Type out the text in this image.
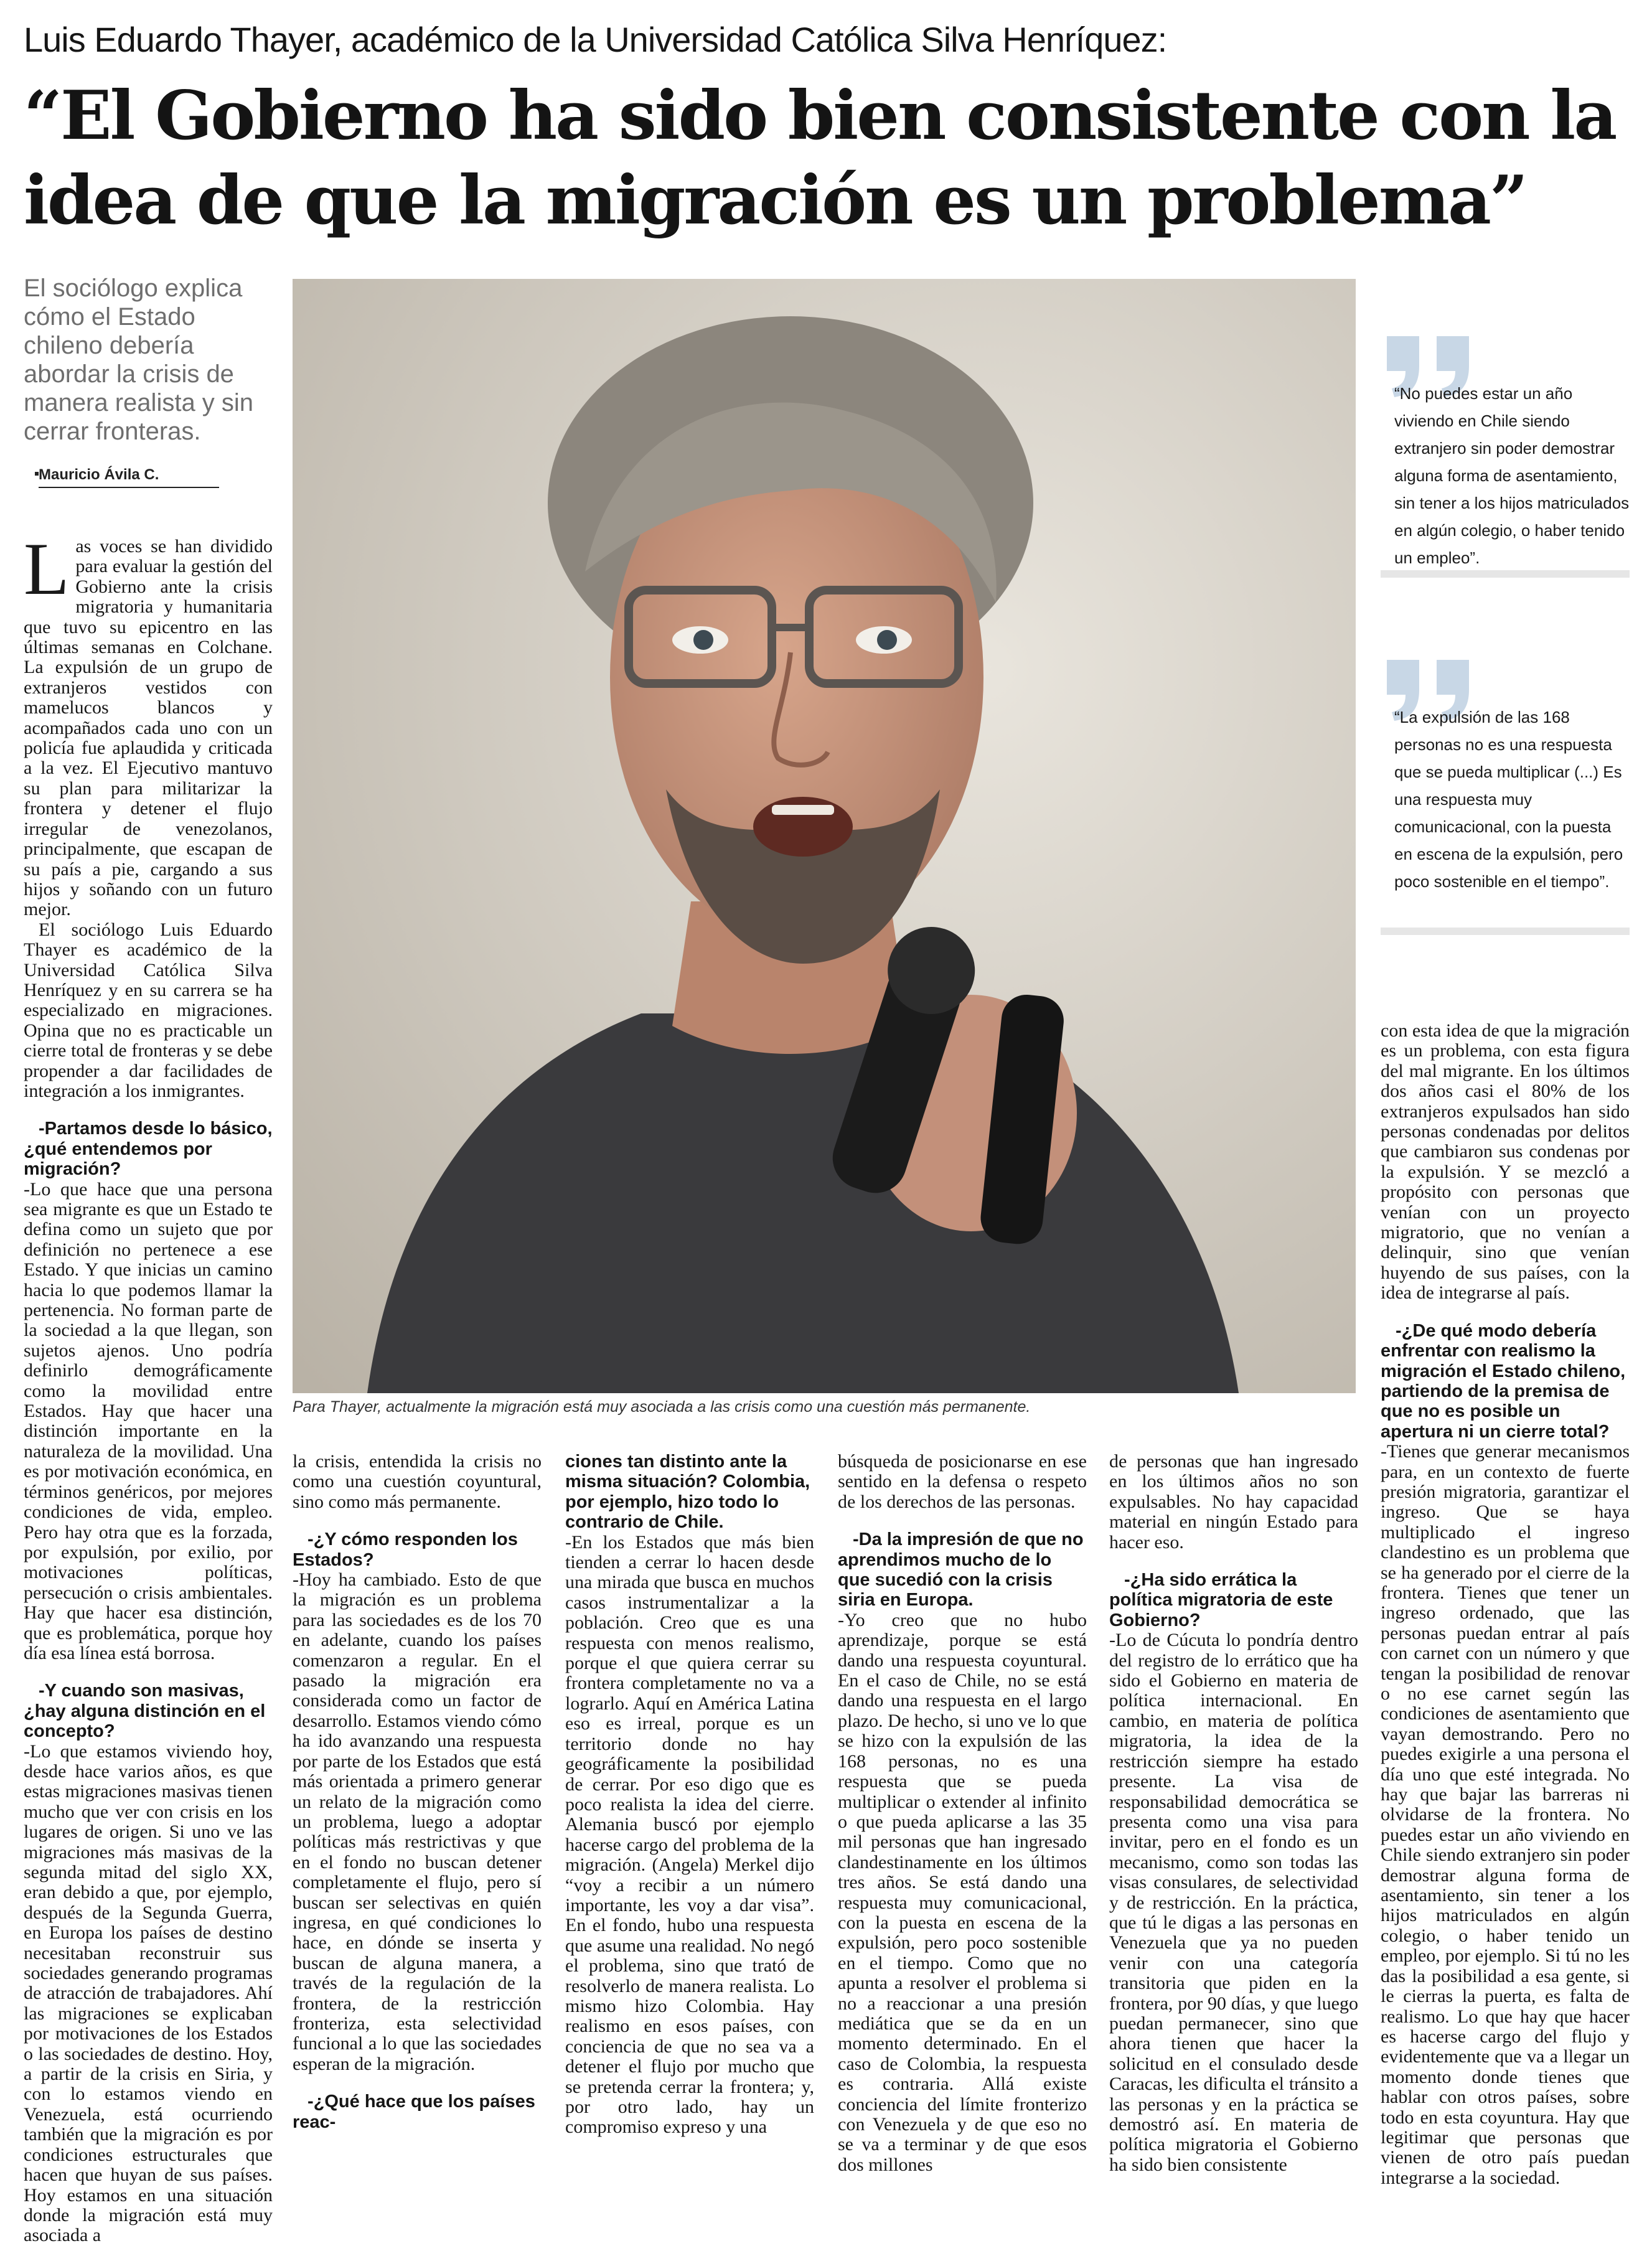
Luis Eduardo Thayer, académico de la Universidad Católica Silva Henríquez:
“El Gobierno ha sido bien consistente con la
idea de que la migración es un problema”
El sociólogo explica cómo el Estado chileno debería abordar la crisis de manera realista y sin cerrar fronteras.
Mauricio Ávila C.
Para Thayer, actualmente la migración está muy asociada a las crisis como una cuestión más permanente.
“No puedes estar un año viviendo en Chile siendo extranjero sin poder demostrar alguna forma de asentamiento, sin tener a los hijos matriculados en algún colegio, o haber tenido un empleo”.
“La expulsión de las 168 personas no es una respuesta que se pueda multiplicar (...) Es una respuesta muy comunicacional, con la puesta en escena de la expulsión, pero poco sostenible en el tiempo”.

Las voces se han dividido para evaluar la gestión del Gobierno ante la crisis migratoria y humanitaria que tuvo su epicentro en las últimas semanas en Colchane. La expulsión de un grupo de extranjeros vestidos con mamelucos blancos y acompañados cada uno con un policía fue aplaudida y criticada a la vez. El Ejecutivo mantuvo su plan para militarizar la frontera y detener el flujo irregular de venezolanos, principalmente, que escapan de su país a pie, cargando a sus hijos y soñando con un futuro mejor.

El sociólogo Luis Eduardo Thayer es académico de la Universidad Católica Silva Henríquez y en su carrera se ha especializado en migraciones. Opina que no es practicable un cierre total de fronteras y se debe propender a dar facilidades de integración a los inmigrantes.

-Partamos desde lo básico, ¿qué entendemos por migración?

-Lo que hace que una persona sea migrante es que un Estado te defina como un sujeto que por definición no pertenece a ese Estado. Y que inicias un camino hacia lo que podemos llamar la pertenencia. No forman parte de la sociedad a la que llegan, son sujetos ajenos. Uno podría definirlo demográficamente como la movilidad entre Estados. Hay que hacer una distinción importante en la naturaleza de la movilidad. Una es por motivación económica, en términos genéricos, por mejores condiciones de vida, empleo. Pero hay otra que es la forzada, por expulsión, por exilio, por motivaciones políticas, persecución o crisis ambientales. Hay que hacer esa distinción, que es problemática, porque hoy día esa línea está borrosa.

-Y cuando son masivas, ¿hay alguna distinción en el concepto?

-Lo que estamos viviendo hoy, desde hace varios años, es que estas migraciones masivas tienen mucho que ver con crisis en los lugares de origen. Si uno ve las migraciones más masivas de la segunda mitad del siglo XX, eran debido a que, por ejemplo, después de la Segunda Guerra, en Europa los países de destino necesitaban reconstruir sus sociedades generando programas de atracción de trabajadores. Ahí las migraciones se explicaban por motivaciones de los Estados o las sociedades de destino. Hoy, a partir de la crisis en Siria, y con lo estamos viendo en Venezuela, está ocurriendo también que la migración es por condiciones estructurales que hacen que huyan de sus países. Hoy estamos en una situación donde la migración está muy asociada a

la crisis, entendida la crisis no como una cuestión coyuntural, sino como más permanente.

-¿Y cómo responden los Estados?

-Hoy ha cambiado. Esto de que la migración es un problema para las sociedades es de los 70 en adelante, cuando los países comenzaron a regular. En el pasado la migración era considerada como un factor de desarrollo. Estamos viendo cómo ha ido avanzando una respuesta por parte de los Estados que está más orientada a primero generar un relato de la migración como un problema, luego a adoptar políticas más restrictivas y que en el fondo no buscan detener completamente el flujo, pero sí buscan ser selectivas en quién ingresa, en qué condiciones lo hace, en dónde se inserta y buscan de alguna manera, a través de la regulación de la frontera, de la restricción fronteriza, esta selectividad funcional a lo que las sociedades esperan de la migración.

-¿Qué hace que los países reac-

ciones tan distinto ante la misma situación? Colombia, por ejemplo, hizo todo lo contrario de Chile.

-En los Estados que más bien tienden a cerrar lo hacen desde una mirada que busca en muchos casos instrumentalizar a la población. Creo que es una respuesta con menos realismo, porque el que quiera cerrar su frontera completamente no va a lograrlo. Aquí en América Latina eso es irreal, porque es un territorio donde no hay geográficamente la posibilidad de cerrar. Por eso digo que es poco realista la idea del cierre. Alemania buscó por ejemplo hacerse cargo del problema de la migración. (Angela) Merkel dijo “voy a recibir a un número importante, les voy a dar visa”. En el fondo, hubo una respuesta que asume una realidad. No negó el problema, sino que trató de resolverlo de manera realista. Lo mismo hizo Colombia. Hay realismo en esos países, con conciencia de que no sea va a detener el flujo por mucho que se pretenda cerrar la frontera; y, por otro lado, hay un compromiso expreso y una

búsqueda de posicionarse en ese sentido en la defensa o respeto de los derechos de las personas.

-Da la impresión de que no aprendimos mucho de lo que sucedió con la crisis siria en Europa.

-Yo creo que no hubo aprendizaje, porque se está dando una respuesta coyuntural. En el caso de Chile, no se está dando una respuesta en el largo plazo. De hecho, si uno ve lo que se hizo con la expulsión de las 168 personas, no es una respuesta que se pueda multiplicar o extender al infinito o que pueda aplicarse a las 35 mil personas que han ingresado clandestinamente en los últimos tres años. Se está dando una respuesta muy comunicacional, con la puesta en escena de la expulsión, pero poco sostenible en el tiempo. Como que no apunta a resolver el problema si no a reaccionar a una presión mediática que se da en un momento determinado. En el caso de Colombia, la respuesta es contraria. Allá existe conciencia del límite fronterizo con Venezuela y de que eso no se va a terminar y de que esos dos millones

de personas que han ingresado en los últimos años no son expulsables. No hay capacidad material en ningún Estado para hacer eso.

-¿Ha sido errática la política migratoria de este Gobierno?

-Lo de Cúcuta lo pondría dentro del registro de lo errático que ha sido el Gobierno en materia de política internacional. En cambio, en materia de política migratoria, la idea de la restricción siempre ha estado presente. La visa de responsabilidad democrática se presenta como una visa para invitar, pero en el fondo es un mecanismo, como son todas las visas consulares, de selectividad y de restricción. En la práctica, que tú le digas a las personas en Venezuela que ya no pueden venir con una categoría transitoria que piden en la frontera, por 90 días, y que luego puedan permanecer, sino que ahora tienen que hacer la solicitud en el consulado desde Caracas, les dificulta el tránsito a las personas y en la práctica se demostró así. En materia de política migratoria el Gobierno ha sido bien consistente

con esta idea de que la migración es un problema, con esta figura del mal migrante. En los últimos dos años casi el 80% de los extranjeros expulsados han sido personas condenadas por delitos que cambiaron sus condenas por la expulsión. Y se mezcló a propósito con personas que venían con un proyecto migratorio, que no venían a delinquir, sino que venían huyendo de sus países, con la idea de integrarse al país.

-¿De qué modo debería enfrentar con realismo la migración el Estado chileno, partiendo de la premisa de que no es posible un apertura ni un cierre total?

-Tienes que generar mecanismos para, en un contexto de fuerte presión migratoria, garantizar el ingreso. Que se haya multiplicado el ingreso clandestino es un problema que se ha generado por el cierre de la frontera. Tienes que tener un ingreso ordenado, que las personas puedan entrar al país con carnet con un número y que tengan la posibilidad de renovar o no ese carnet según las condiciones de asentamiento que vayan demostrando. Pero no puedes exigirle a una persona el día uno que esté integrada. No hay que bajar las barreras ni olvidarse de la frontera. No puedes estar un año viviendo en Chile siendo extranjero sin poder demostrar alguna forma de asentamiento, sin tener a los hijos matriculados en algún colegio, o haber tenido un empleo, por ejemplo. Si tú no les das la posibilidad a esa gente, si le cierras la puerta, es falta de realismo. Lo que hay que hacer es hacerse cargo del flujo y evidentemente que va a llegar un momento donde tienes que hablar con otros países, sobre todo en esta coyuntura. Hay que legitimar que personas que vienen de otro país puedan integrarse a la sociedad.
